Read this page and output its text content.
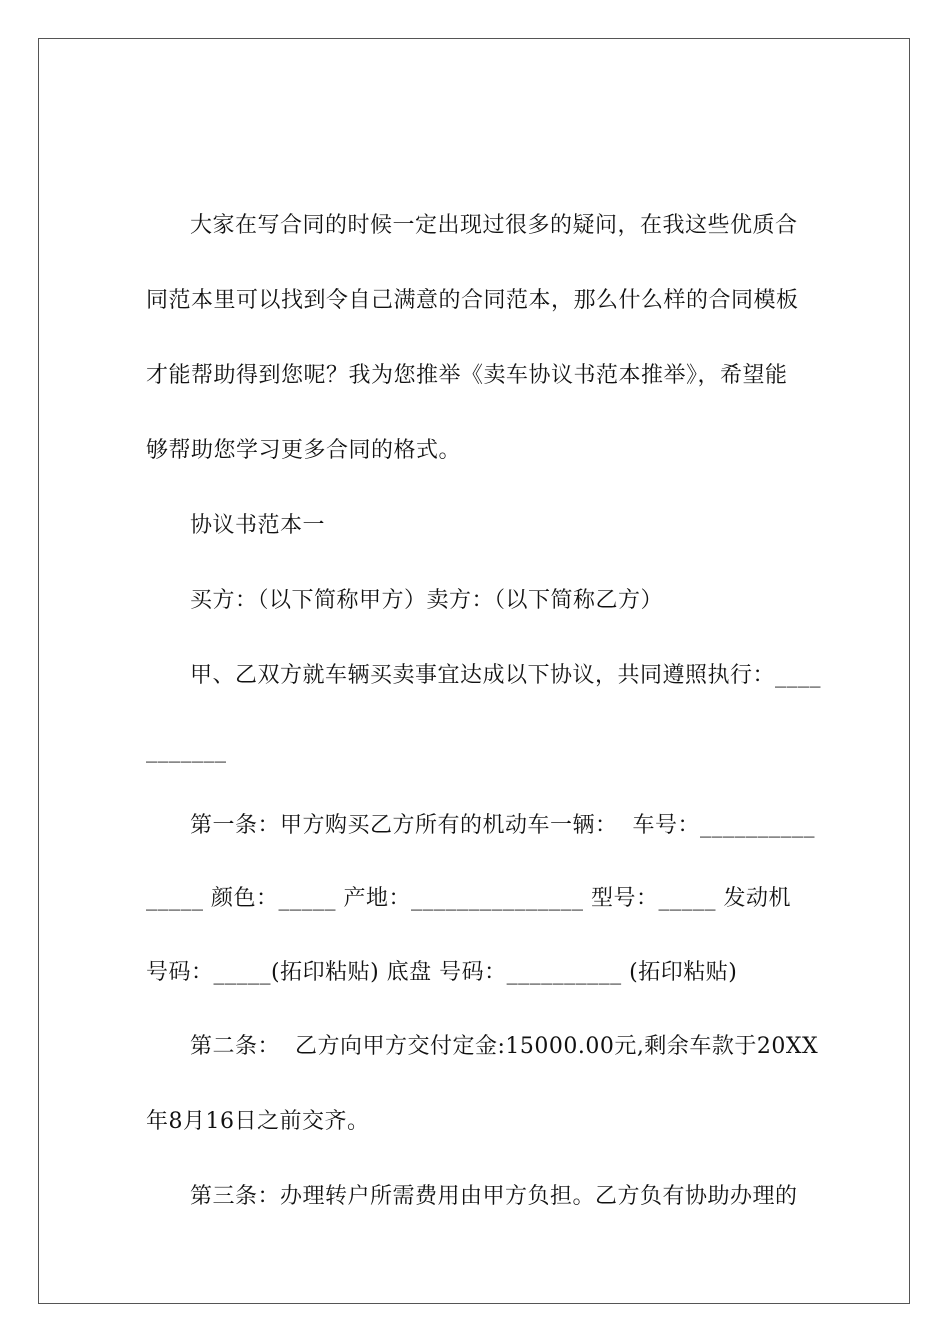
大家在写合同的时候一定出现过很多的疑问，在我这些优质合
同范本里可以找到令自己满意的合同范本，那么什么样的合同模板
才能帮助得到您呢？我为您推举《卖车协议书范本推举》，希望能
够帮助您学习更多合同的格式。
协议书范本一
买方：（以下简称甲方）卖方：（以下简称乙方）
甲、乙双方就车辆买卖事宜达成以下协议，共同遵照执行：____
_______
第一条：甲方购买乙方所有的机动车一辆：  车号：__________
_____ 颜色：_____ 产地：_______________ 型号：_____ 发动机
号码：_____(拓印粘贴) 底盘 号码：__________ (拓印粘贴)
第二条：  乙方向甲方交付定金:15000.00元,剩余车款于20XX
年8月16日之前交齐。
第三条：办理转户所需费用由甲方负担。乙方负有协助办理的
